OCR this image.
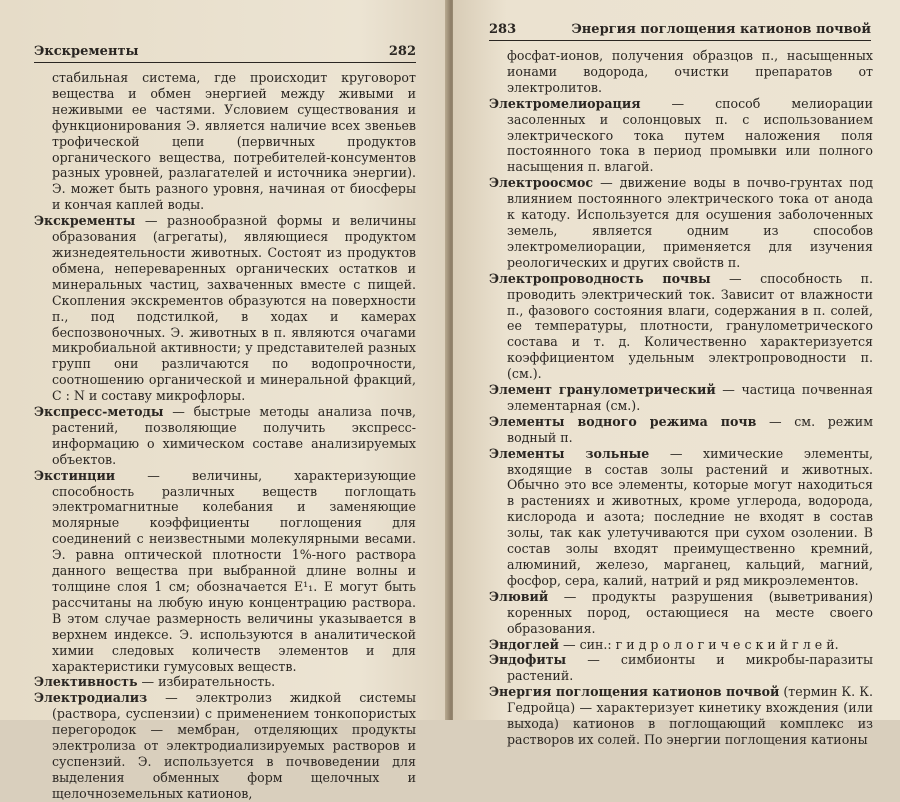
Экскременты	282

стабильная система, где происходит круговорот вещества и обмен энергией между живыми и неживыми ее частями. Условием существования и функционирования Э. является наличие всех звеньев трофической цепи (первичных продуктов органического вещества, потребителей-консументов разных уровней, разлагателей и источника энергии). Э. может быть разного уровня, начиная от биосферы и кончая каплей воды.

Экскременты — разнообразной формы и величины образования (агрегаты), являющиеся продуктом жизнедеятельности животных. Состоят из продуктов обмена, непереваренных органических остатков и минеральных частиц, захваченных вместе с пищей. Скопления экскрементов образуются на поверхности п., под подстилкой, в ходах и камерах беспозвоночных. Э. животных в п. являются очагами микробиальной активности; у представителей разных групп они различаются по водопрочности, соотношению органической и минеральной фракций, С : N и составу микрофлоры.

Экспресс-методы — быстрые методы анализа почв, растений, позволяющие получить экспресс-информацию о химическом составе анализируемых объектов.

Экстинции — величины, характеризующие способность различных веществ поглощать электромагнитные колебания и заменяющие молярные коэффициенты поглощения для соединений с неизвестными молекулярными весами. Э. равна оптической плотности 1%-ного раствора данного вещества при выбранной длине волны и толщине слоя 1 см; обозначается E¹₁. E могут быть рассчитаны на любую иную концентрацию раствора. В этом случае размерность величины указывается в верхнем индексе. Э. используются в аналитической химии следовых количеств элементов и для характеристики гумусовых веществ.

Элективность — избирательность.

Электродиализ — электролиз жидкой системы (раствора, суспензии) с применением тонкопористых перегородок — мембран, отделяющих продукты электролиза от электродиализируемых растворов и суспензий. Э. используется в почвоведении для выделения обменных форм щелочных и щелочноземельных катионов,

283	Энергия поглощения катионов почвой

фосфат-ионов, получения образцов п., насыщенных ионами водорода, очистки препаратов от электролитов.

Электромелиорация — способ мелиорации засоленных и солонцовых п. с использованием электрического тока путем наложения поля постоянного тока в период промывки или полного насыщения п. влагой.

Электроосмос — движение воды в почво-грунтах под влиянием постоянного электрического тока от анода к катоду. Используется для осушения заболоченных земель, является одним из способов электромелиорации, применяется для изучения реологических и других свойств п.

Электропроводность почвы — способность п. проводить электрический ток. Зависит от влажности п., фазового состояния влаги, содержания в п. солей, ее температуры, плотности, гранулометрического состава и т. д. Количественно характеризуется коэффициентом удельным электропроводности п. (см.).

Элемент гранулометрический — частица почвенная элементарная (см.).

Элементы водного режима почв — см. режим водный п.

Элементы зольные — химические элементы, входящие в состав золы растений и животных. Обычно это все элементы, которые могут находиться в растениях и животных, кроме углерода, водорода, кислорода и азота; последние не входят в состав золы, так как улетучиваются при сухом озолении. В состав золы входят преимущественно кремний, алюминий, железо, марганец, кальций, магний, фосфор, сера, калий, натрий и ряд микроэлементов.

Элювий — продукты разрушения (выветривания) коренных пород, остающиеся на месте своего образования.

Эндоглей — син.: г и д р о л о г и ч е с к и й г л е й.

Эндофиты — симбионты и микробы-паразиты растений.

Энергия поглощения катионов почвой (термин К. К. Гедройца) — характеризует кинетику вхождения (или выхода) катионов в поглощающий комплекс из растворов их солей. По энергии поглощения катионы
